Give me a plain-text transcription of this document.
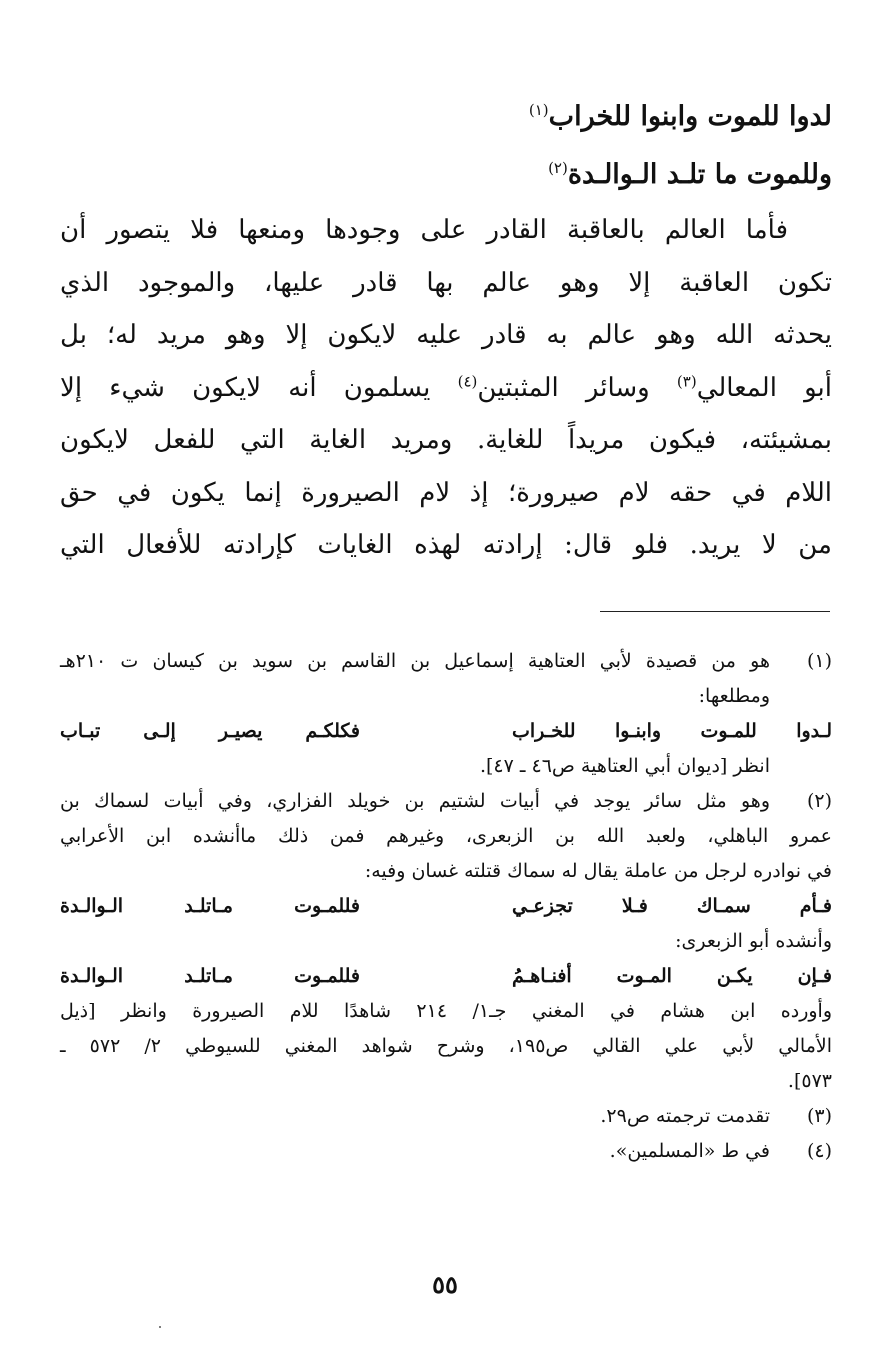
لدوا للموت وابنوا للخراب$^{(١)}$
وللموت ما تلـد الـوالـدة$^{(٢)}$
فأما العالم بالعاقبة القادر على وجودها ومنعها فلا يتصور أن
تكون العاقبة إلا وهو عالم بها قادر عليها، والموجود الذي
يحدثه الله وهو عالم به قادر عليه لايكون إلا وهو مريد له؛ بل
أبو المعالي$^{(٣)}$ وسائر المثبتين$^{(٤)}$ يسلمون أنه لايكون شيء إلا
بمشيئته، فيكون مريداً للغاية. ومريد الغاية التي للفعل لايكون
اللام في حقه لام صيرورة؛ إذ لام الصيرورة إنما يكون في حق
من لا يريد. فلو قال: إرادته لهذه الغايات كإرادته للأفعال التي
(١)
هو من قصيدة لأبي العتاهية إسماعيل بن القاسم بن سويد بن كيسان ت ٢١٠هـ
ومطلعها:
لـدوا للمـوت وابنـوا للخـراب
فكلكـم يصيـر إلـى تبـاب
انظر [ديوان أبي العتاهية ص٤٦ ـ ٤٧].
(٢)
وهو مثل سائر يوجد في أبيات لشتيم بن خويلد الفزاري، وفي أبيات لسماك بن
عمرو الباهلي، ولعبد الله بن الزبعرى، وغيرهم فمن ذلك ماأنشده ابن الأعرابي
في نوادره لرجل من عاملة يقال له سماك قتلته غسان وفيه:
فـأم سمـاك فـلا تجزعـي
فللمـوت مـاتلـد الـوالـدة
وأنشده أبو الزبعرى:
فـإن يكـن المـوت أفنـاهـمُ
فللمـوت مـاتلـد الـوالـدة
وأورده ابن هشام في المغني جـ١/ ٢١٤ شاهدًا للام الصيرورة وانظر [ذيل
الأمالي لأبي علي القالي ص١٩٥، وشرح شواهد المغني للسيوطي ٢/ ٥٧٢ ـ
٥٧٣].
(٣)
تقدمت ترجمته ص٢٩.
(٤)
في ط «المسلمين».
٥٥
